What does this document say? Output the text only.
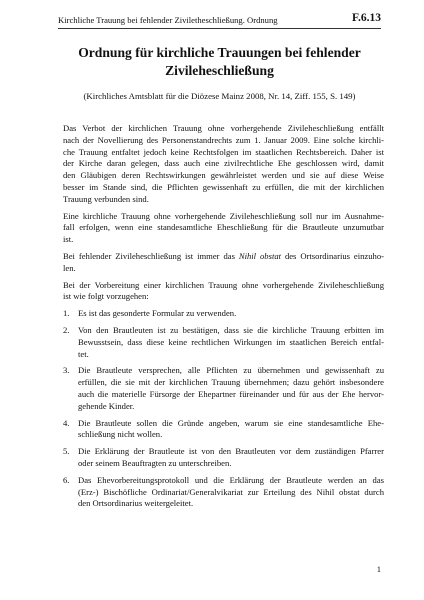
Kirchliche Trauung bei fehlender Ziviletheschließung. Ordnung	F.6.13
Ordnung für kirchliche Trauungen bei fehlender
Zivileheschließung
(Kirchliches Amtsblatt für die Diözese Mainz 2008, Nr. 14, Ziff. 155, S. 149)

Das Verbot der kirchlichen Trauung ohne vorhergehende Zivileheschließung entfällt
nach der Novellierung des Personenstandrechts zum 1. Januar 2009. Eine solche kirchli-
che Trauung entfaltet jedoch keine Rechtsfolgen im staatlichen Rechtsbereich. Daher ist
der Kirche daran gelegen, dass auch eine zivilrechtliche Ehe geschlossen wird, damit
den Gläubigen deren Rechtswirkungen gewährleistet werden und sie auf diese Weise
besser im Stande sind, die Pflichten gewissenhaft zu erfüllen, die mit der kirchlichen
Trauung verbunden sind.

Eine kirchliche Trauung ohne vorhergehende Zivileheschließung soll nur im Ausnahme-
fall erfolgen, wenn eine standesamtliche Eheschließung für die Brautleute unzumutbar
ist.

Bei fehlender Zivileheschließung ist immer das Nihil obstat des Ortsordinarius einzuho-
len.

Bei der Vorbereitung einer kirchlichen Trauung ohne vorhergehende Zivileheschließung
ist wie folgt vorzugehen:

1. Es ist das gesonderte Formular zu verwenden.
2. Von den Brautleuten ist zu bestätigen, dass sie die kirchliche Trauung erbitten im
Bewusstsein, dass diese keine rechtlichen Wirkungen im staatlichen Bereich entfal-
tet.
3. Die Brautleute versprechen, alle Pflichten zu übernehmen und gewissenhaft zu
erfüllen, die sie mit der kirchlichen Trauung übernehmen; dazu gehört insbesondere
auch die materielle Fürsorge der Ehepartner füreinander und für aus der Ehe hervor-
gehende Kinder.
4. Die Brautleute sollen die Gründe angeben, warum sie eine standesamtliche Ehe-
schließung nicht wollen.
5. Die Erklärung der Brautleute ist von den Brautleuten vor dem zuständigen Pfarrer
oder seinem Beauftragten zu unterschreiben.
6. Das Ehevorbereitungsprotokoll und die Erklärung der Brautleute werden an das
(Erz-) Bischöfliche Ordinariat/Generalvikariat zur Erteilung des Nihil obstat durch
den Ortsordinarius weitergeleitet.
1
